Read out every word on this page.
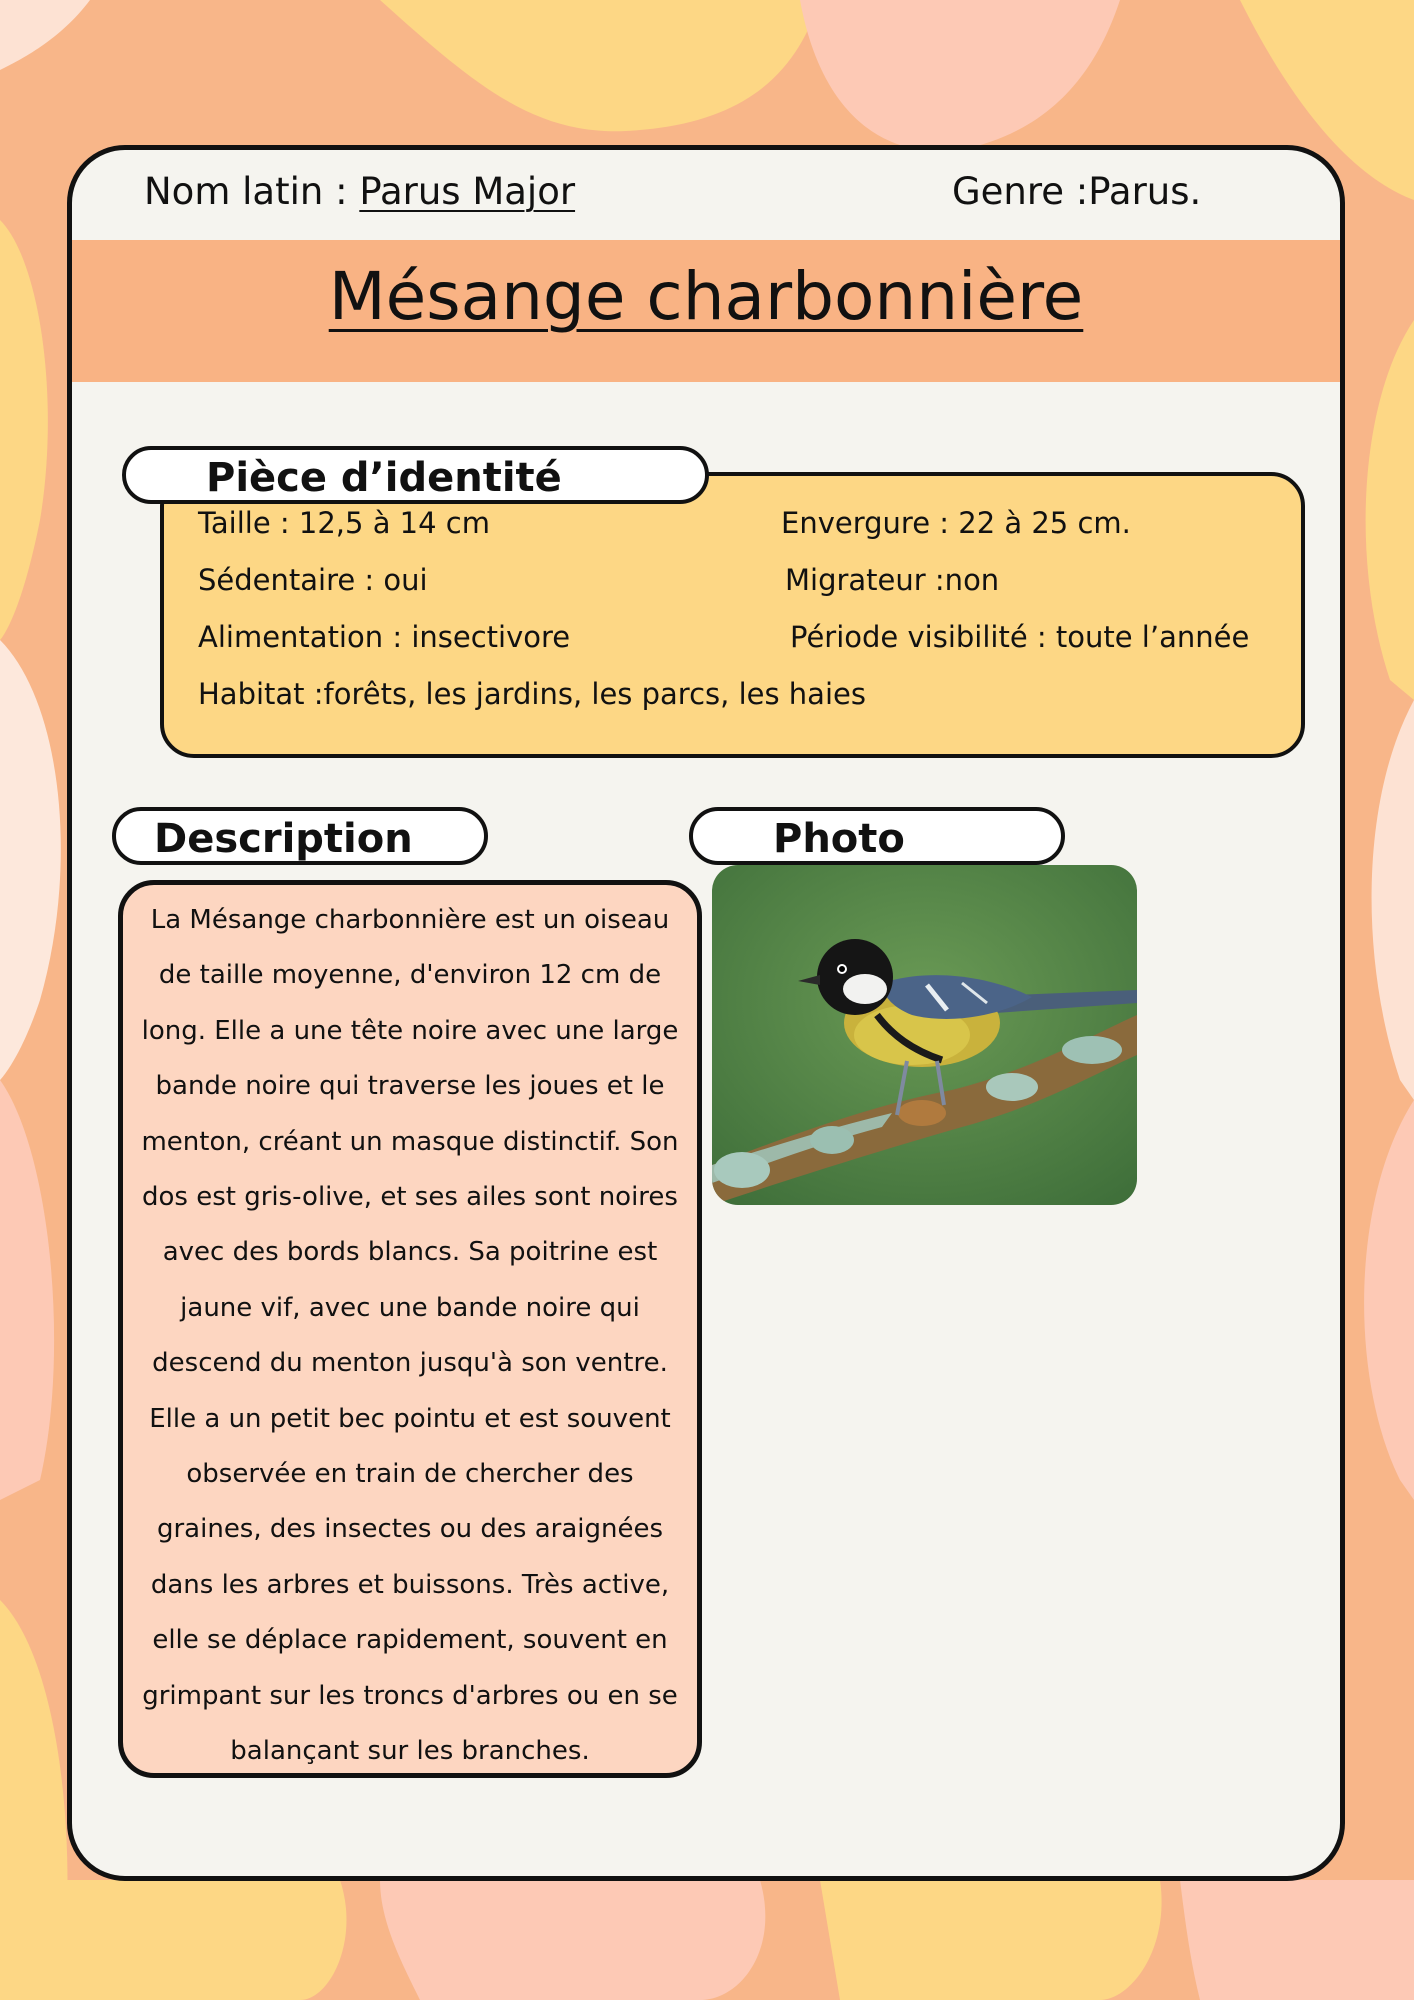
Nom latin : Parus Major	Genre :Parus.
Mésange charbonnière
Pièce d’identité
Taille : 12,5 à 14 cm	Envergure : 22 à 25 cm.
Sédentaire : oui	Migrateur :non
Alimentation : insectivore	Période visibilité : toute l’année
Habitat :forêts, les jardins, les parcs, les haies
Description	Photo

La Mésange charbonnière est un oiseau de taille moyenne, d'environ 12 cm de long. Elle a une tête noire avec une large bande noire qui traverse les joues et le menton, créant un masque distinctif. Son dos est gris-olive, et ses ailes sont noires avec des bords blancs. Sa poitrine est jaune vif, avec une bande noire qui descend du menton jusqu'à son ventre. Elle a un petit bec pointu et est souvent observée en train de chercher des graines, des insectes ou des araignées dans les arbres et buissons. Très active, elle se déplace rapidement, souvent en grimpant sur les troncs d'arbres ou en se balançant sur les branches.
